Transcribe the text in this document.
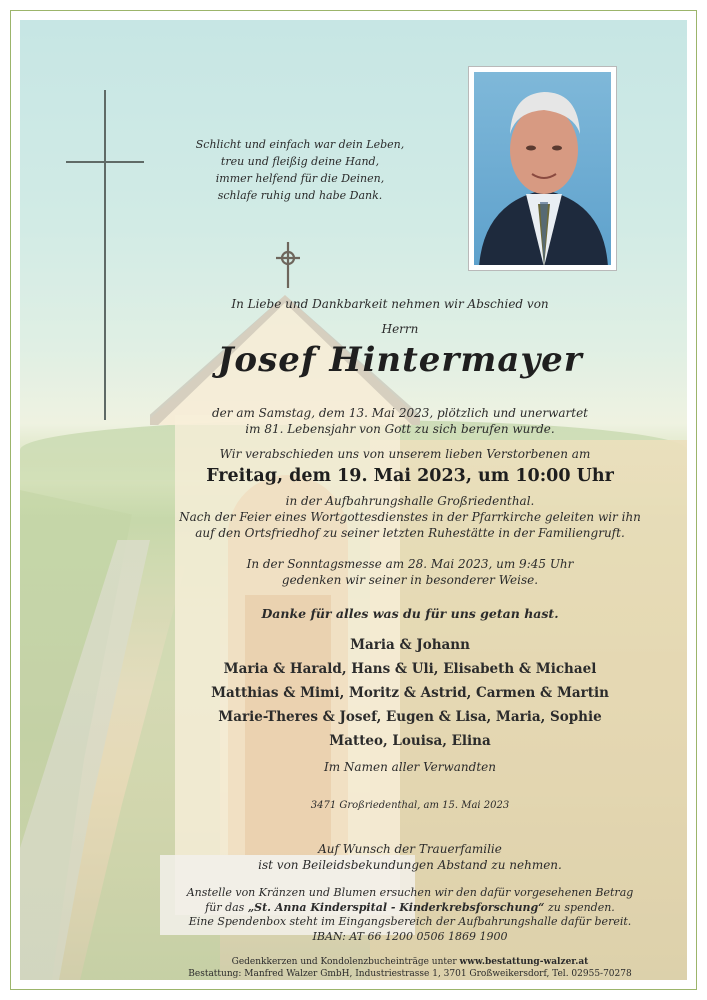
Schlicht und einfach war dein Leben,
treu und fleißig deine Hand,
immer helfend für die Deinen,
schlafe ruhig und habe Dank.
In Liebe und Dankbarkeit nehmen wir Abschied von
Herrn
Josef Hintermayer
der am Samstag, dem 13. Mai 2023, plötzlich und unerwartet
im 81. Lebensjahr von Gott zu sich berufen wurde.
Wir verabschieden uns von unserem lieben Verstorbenen am
Freitag, dem 19. Mai 2023, um 10:00 Uhr
in der Aufbahrungshalle Großriedenthal.
Nach der Feier eines Wortgottesdienstes in der Pfarrkirche geleiten wir ihn
auf den Ortsfriedhof zu seiner letzten Ruhestätte in der Familiengruft.
In der Sonntagsmesse am 28. Mai 2023, um 9:45 Uhr
gedenken wir seiner in besonderer Weise.
Danke für alles was du für uns getan hast.
Maria & Johann
Maria & Harald, Hans & Uli, Elisabeth & Michael
Matthias & Mimi, Moritz & Astrid, Carmen & Martin
Marie-Theres & Josef, Eugen & Lisa, Maria, Sophie
Matteo, Louisa, Elina
Im Namen aller Verwandten
3471 Großriedenthal, am 15. Mai 2023
Auf Wunsch der Trauerfamilie
ist von Beileidsbekundungen Abstand zu nehmen.
Anstelle von Kränzen und Blumen ersuchen wir den dafür vorgesehenen Betrag
für das „St. Anna Kinderspital - Kinderkrebsforschung“ zu spenden.
Eine Spendenbox steht im Eingangsbereich der Aufbahrungshalle dafür bereit.
IBAN: AT 66 1200 0506 1869 1900
Gedenkkerzen und Kondolenzbucheinträge unter www.bestattung-walzer.at
Bestattung: Manfred Walzer GmbH, Industriestrasse 1, 3701 Großweikersdorf, Tel. 02955-70278
